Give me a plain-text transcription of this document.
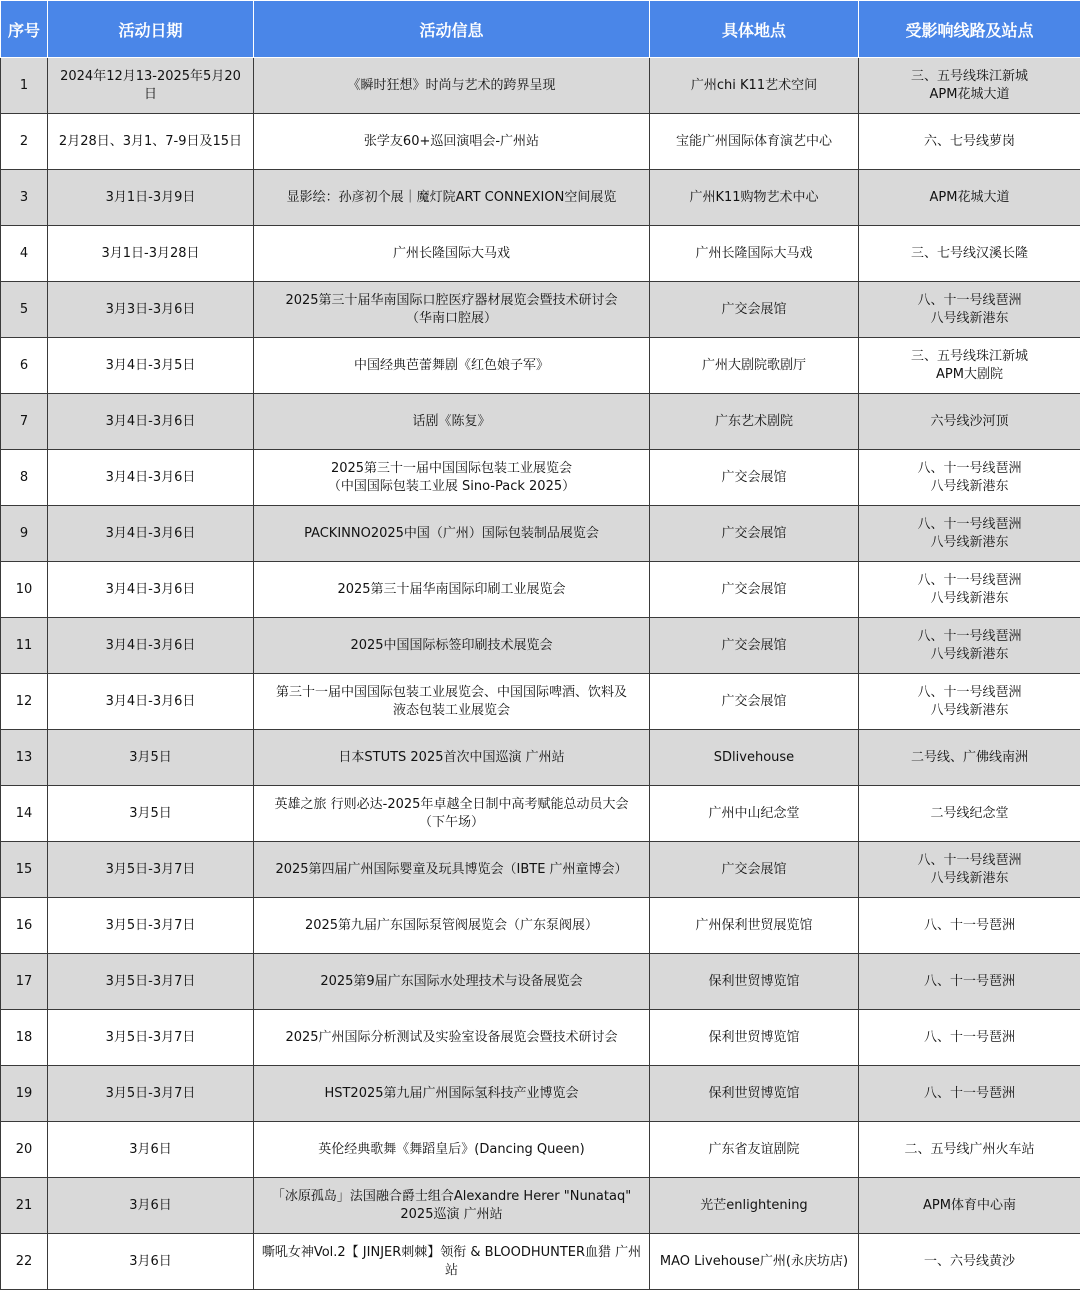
序号	活动日期	活动信息	具体地点	受影响线路及站点
1	2024年12月13-2025年5月20日	《瞬时狂想》时尚与艺术的跨界呈现	广州chi K11艺术空间	三、五号线珠江新城
APM花城大道

2	2月28日、3月1、7-9日及15日	张学友60+巡回演唱会-广州站	宝能广州国际体育演艺中心	六、七号线萝岗

3	3月1日-3月9日	显影绘：孙彦初个展｜魔灯院ART CONNEXION空间展览	广州K11购物艺术中心	APM花城大道

4	3月1日-3月28日	广州长隆国际大马戏	广州长隆国际大马戏	三、七号线汉溪长隆

5	3月3日-3月6日	2025第三十届华南国际口腔医疗器材展览会暨技术研讨会
（华南口腔展）	广交会展馆	八、十一号线琶洲
八号线新港东

6	3月4日-3月5日	中国经典芭蕾舞剧《红色娘子军》	广州大剧院歌剧厅	三、五号线珠江新城
APM大剧院

7	3月4日-3月6日	话剧《陈复》	广东艺术剧院	六号线沙河顶

8	3月4日-3月6日	2025第三十一届中国国际包装工业展览会
（中国国际包装工业展 Sino-Pack 2025）	广交会展馆	八、十一号线琶洲
八号线新港东

9	3月4日-3月6日	PACKINNO2025中国（广州）国际包装制品展览会	广交会展馆	八、十一号线琶洲
八号线新港东

10	3月4日-3月6日	2025第三十届华南国际印刷工业展览会	广交会展馆	八、十一号线琶洲
八号线新港东

11	3月4日-3月6日	2025中国国际标签印刷技术展览会	广交会展馆	八、十一号线琶洲
八号线新港东

12	3月4日-3月6日	第三十一届中国国际包装工业展览会、中国国际啤酒、饮料及
液态包装工业展览会	广交会展馆	八、十一号线琶洲
八号线新港东

13	3月5日	日本STUTS 2025首次中国巡演 广州站	SDlivehouse	二号线、广佛线南洲

14	3月5日	英雄之旅 行则必达-2025年卓越全日制中高考赋能总动员大会
（下午场）	广州中山纪念堂	二号线纪念堂

15	3月5日-3月7日	2025第四届广州国际婴童及玩具博览会（IBTE 广州童博会）	广交会展馆	八、十一号线琶洲
八号线新港东

16	3月5日-3月7日	2025第九届广东国际泵管阀展览会（广东泵阀展）	广州保利世贸展览馆	八、十一号琶洲

17	3月5日-3月7日	2025第9届广东国际水处理技术与设备展览会	保利世贸博览馆	八、十一号琶洲

18	3月5日-3月7日	2025广州国际分析测试及实验室设备展览会暨技术研讨会	保利世贸博览馆	八、十一号琶洲

19	3月5日-3月7日	HST2025第九届广州国际氢科技产业博览会	保利世贸博览馆	八、十一号琶洲

20	3月6日	英伦经典歌舞《舞蹈皇后》(Dancing Queen)	广东省友谊剧院	二、五号线广州火车站

21	3月6日	「冰原孤岛」法国融合爵士组合Alexandre Herer "Nunataq"
2025巡演 广州站	光芒enlightening	APM体育中心南

22	3月6日	嘶吼女神Vol.2【 JINJER刺棘】领衔 & BLOODHUNTER血猎 广州
站	MAO Livehouse广州(永庆坊店)	一、六号线黄沙
